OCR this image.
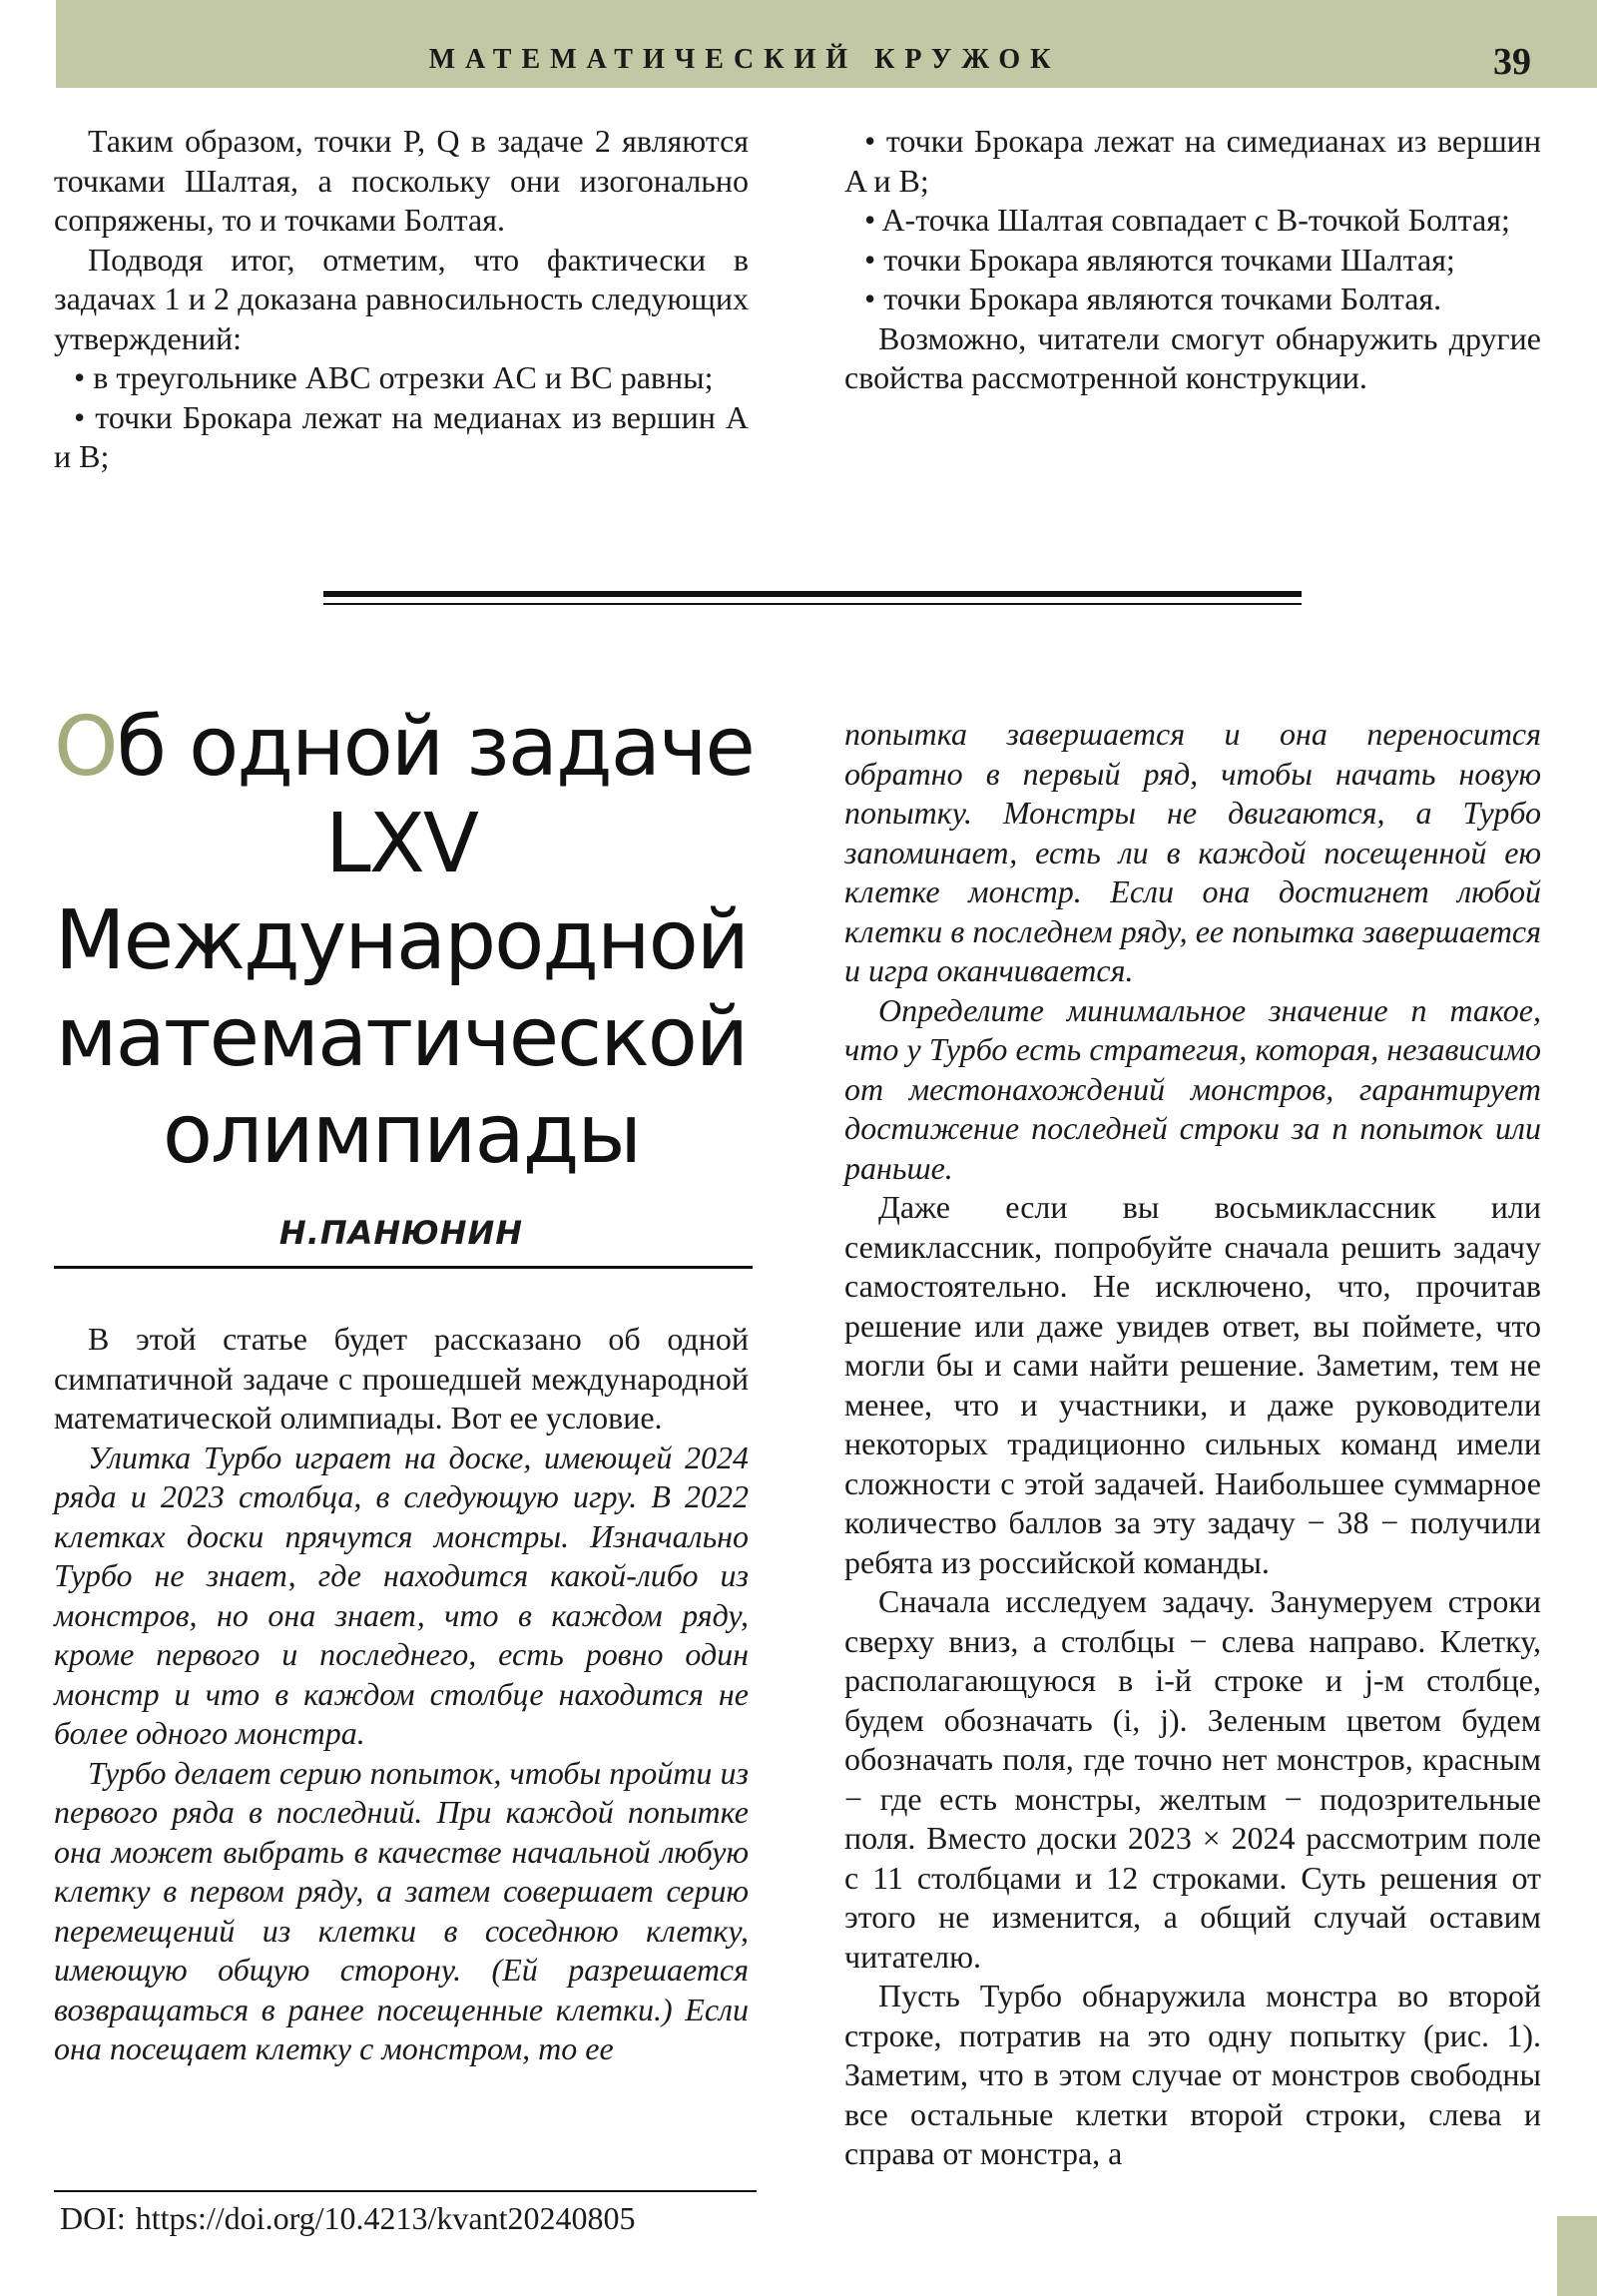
МАТЕМАТИЧЕСКИЙ КРУЖОК	39

Таким образом, точки P, Q в задаче 2 являются точками Шалтая, а поскольку они изогонально сопряжены, то и точками Болтая.

Подводя итог, отметим, что фактически в задачах 1 и 2 доказана равносильность следующих утверждений:

• в треугольнике ABC отрезки AC и BC равны;

• точки Брокара лежат на медианах из вершин A и B;

• точки Брокара лежат на симедианах из вершин A и B;

• A-точка Шалтая совпадает с B-точкой Болтая;

• точки Брокара являются точками Шалтая;

• точки Брокара являются точками Болтая.

Возможно, читатели смогут обнаружить другие свойства рассмотренной конструкции.

Об одной задаче
LXV
Международной
математической
олимпиады
Н.ПАНЮНИН

В этой статье будет рассказано об одной симпатичной задаче с прошедшей международной математической олимпиады. Вот ее условие.

Улитка Турбо играет на доске, имеющей 2024 ряда и 2023 столбца, в следующую игру. В 2022 клетках доски прячутся монстры. Изначально Турбо не знает, где находится какой-либо из монстров, но она знает, что в каждом ряду, кроме первого и последнего, есть ровно один монстр и что в каждом столбце находится не более одного монстра.

Турбо делает серию попыток, чтобы пройти из первого ряда в последний. При каждой попытке она может выбрать в качестве начальной любую клетку в первом ряду, а затем совершает серию перемещений из клетки в соседнюю клетку, имеющую общую сторону. (Ей разрешается возвращаться в ранее посещенные клетки.) Если она посещает клетку с монстром, то ее

попытка завершается и она переносится обратно в первый ряд, чтобы начать новую попытку. Монстры не двигаются, а Турбо запоминает, есть ли в каждой посещенной ею клетке монстр. Если она достигнет любой клетки в последнем ряду, ее попытка завершается и игра оканчивается.

Определите минимальное значение n такое, что у Турбо есть стратегия, которая, независимо от местонахождений монстров, гарантирует достижение последней строки за n попыток или раньше.

Даже если вы восьмиклассник или семиклассник, попробуйте сначала решить задачу самостоятельно. Не исключено, что, прочитав решение или даже увидев ответ, вы поймете, что могли бы и сами найти решение. Заметим, тем не менее, что и участники, и даже руководители некоторых традиционно сильных команд имели сложности с этой задачей. Наибольшее суммарное количество баллов за эту задачу − 38 − получили ребята из российской команды.

Сначала исследуем задачу. Занумеруем строки сверху вниз, а столбцы − слева направо. Клетку, располагающуюся в i-й строке и j-м столбце, будем обозначать (i, j). Зеленым цветом будем обозначать поля, где точно нет монстров, красным − где есть монстры, желтым − подозрительные поля. Вместо доски 2023 × 2024 рассмотрим поле с 11 столбцами и 12 строками. Суть решения от этого не изменится, а общий случай оставим читателю.

Пусть Турбо обнаружила монстра во второй строке, потратив на это одну попытку (рис. 1). Заметим, что в этом случае от монстров свободны все остальные клетки второй строки, слева и справа от монстра, а

DOI: https://doi.org/10.4213/kvant20240805
